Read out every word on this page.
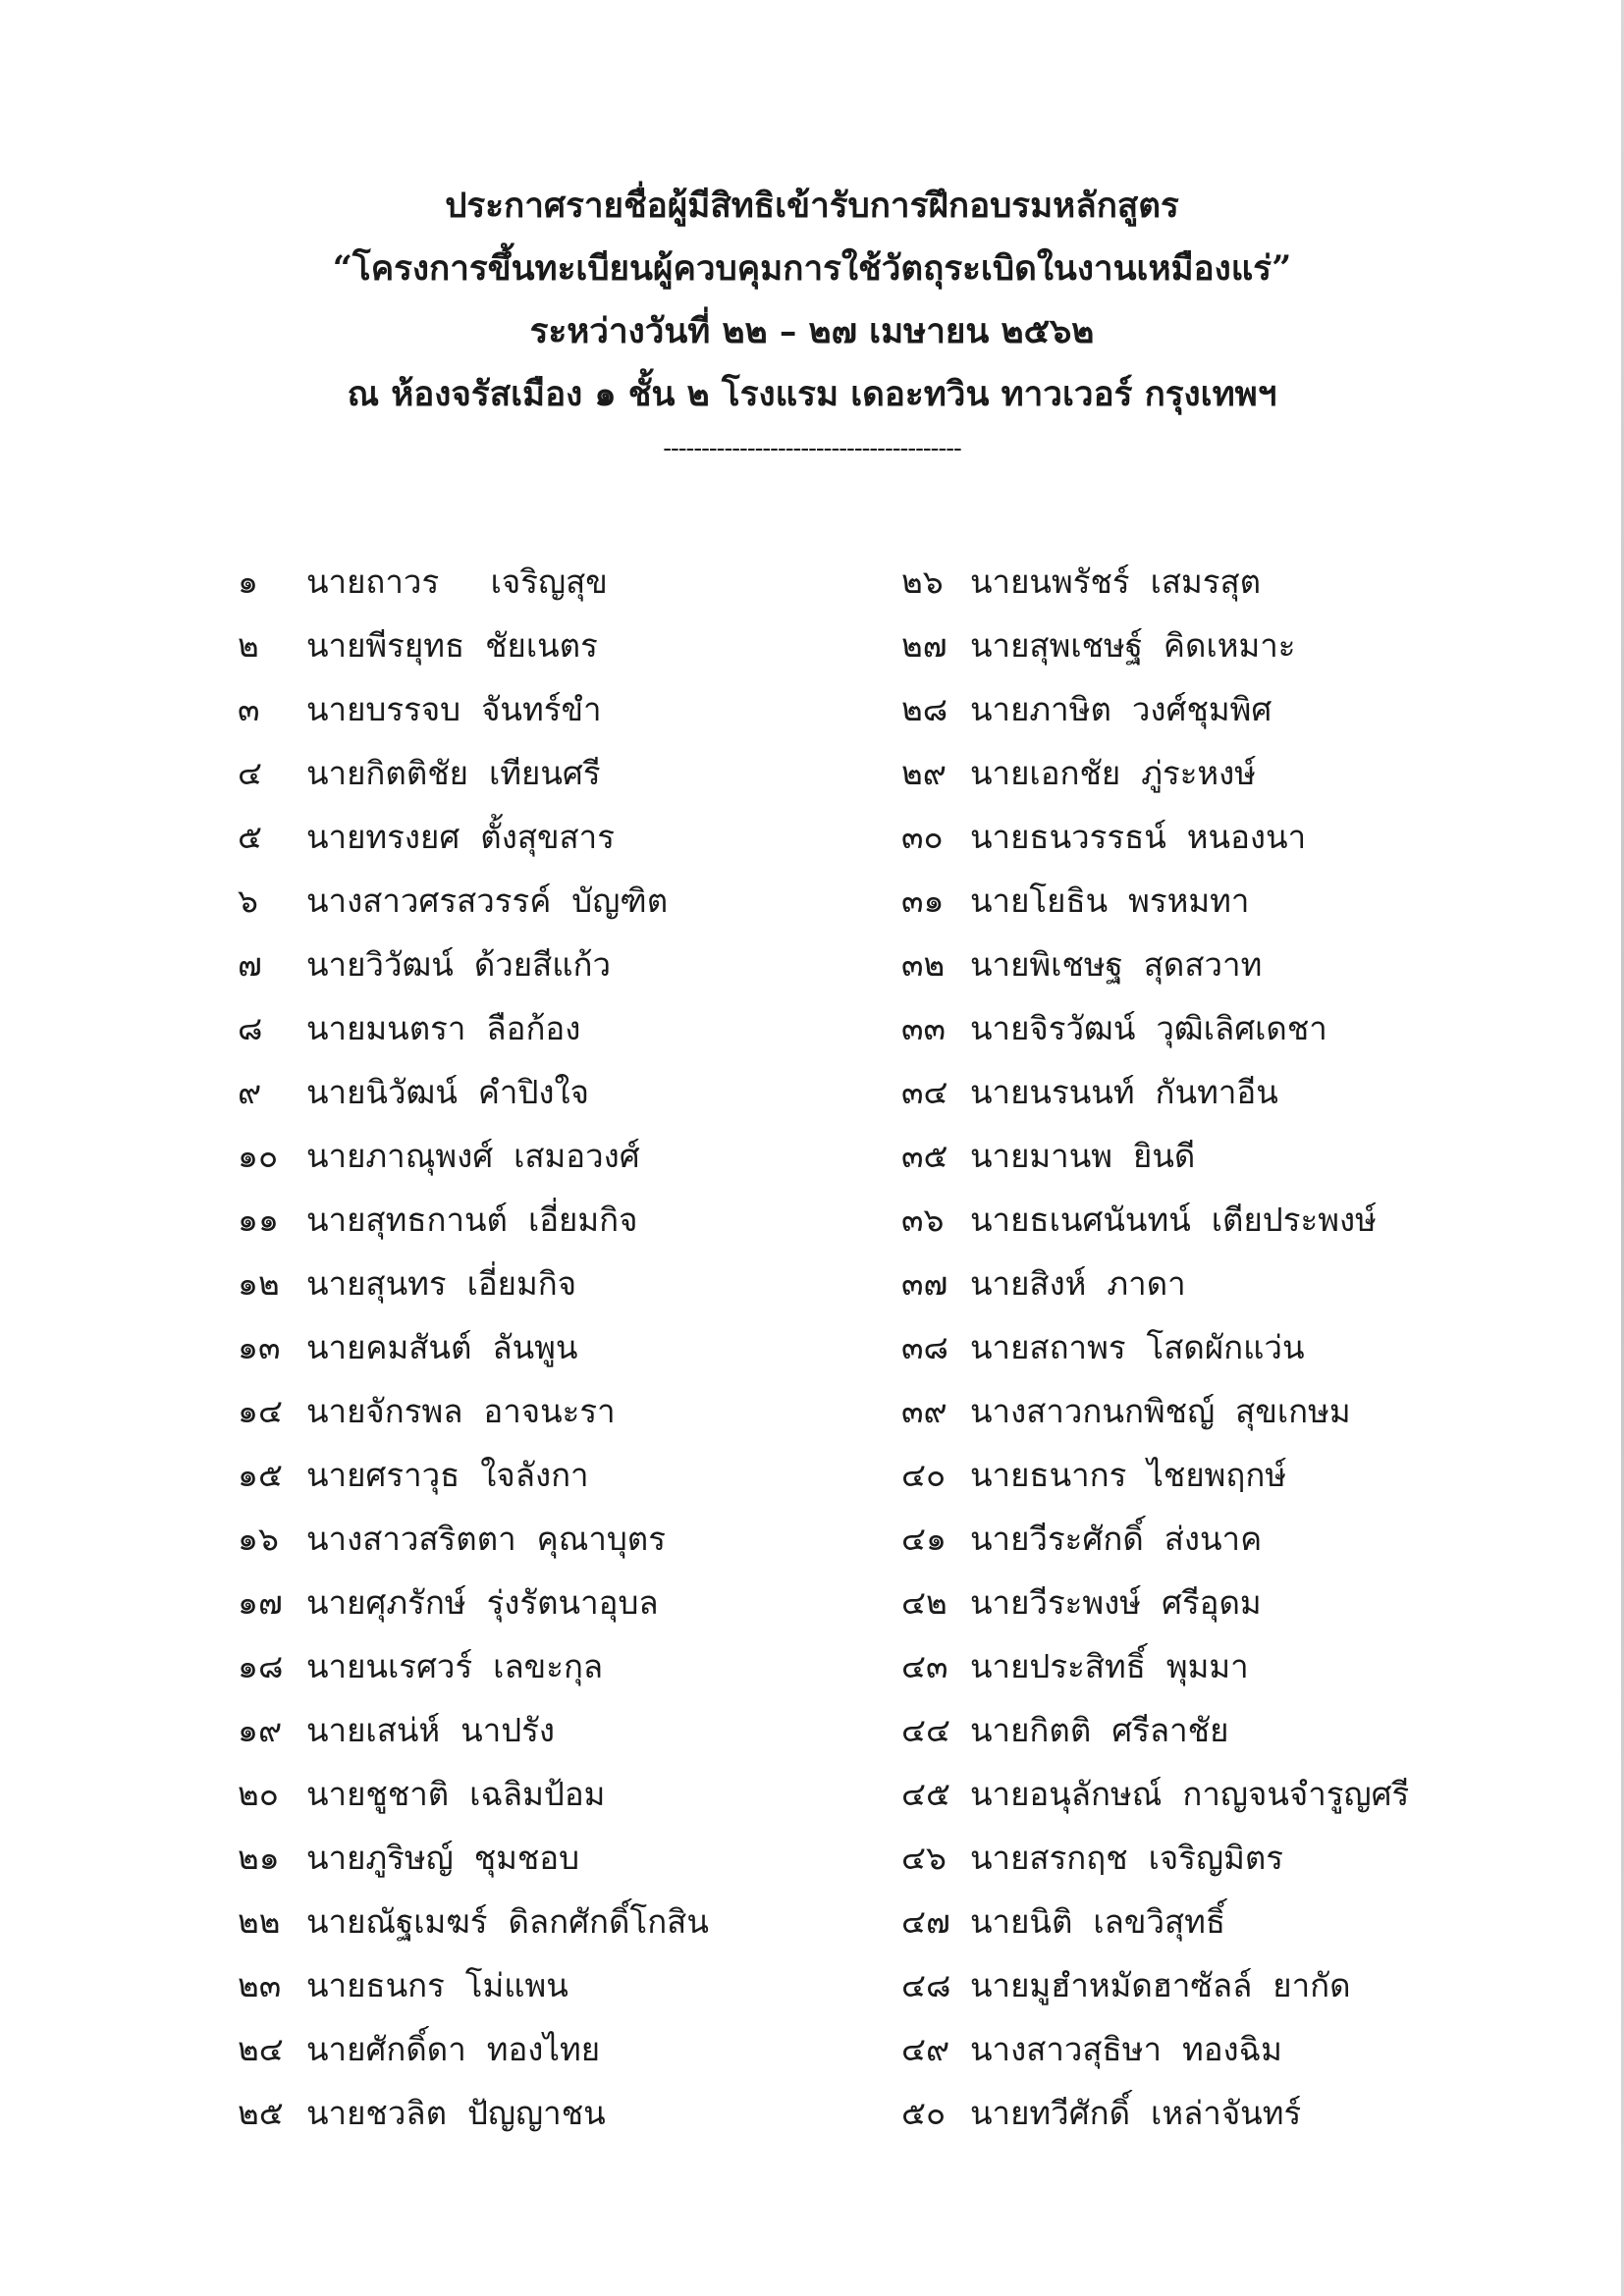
ประกาศรายชื่อผู้มีสิทธิเข้ารับการฝึกอบรมหลักสูตร
“โครงการขึ้นทะเบียนผู้ควบคุมการใช้วัตถุระเบิดในงานเหมืองแร่”
ระหว่างวันที่ ๒๒ – ๒๗ เมษายน ๒๕๖๒
ณ ห้องจรัสเมือง ๑ ชั้น ๒ โรงแรม เดอะทวิน ทาวเวอร์ กรุงเทพฯ
---------------------------------------
๑ นายถาวร     เจริญสุข
๒ นายพีรยุทธ  ชัยเนตร
๓ นายบรรจบ  จันทร์ขำ
๔ นายกิตติชัย  เทียนศรี
๕ นายทรงยศ  ตั้งสุขสาร
๖ นางสาวศรสวรรค์  บัญฑิต
๗ นายวิวัฒน์  ด้วยสีแก้ว
๘ นายมนตรา  ลือก้อง
๙ นายนิวัฒน์  คำปิงใจ
๑๐ นายภาณุพงศ์  เสมอวงศ์
๑๑ นายสุทธกานต์  เอี่ยมกิจ
๑๒ นายสุนทร  เอี่ยมกิจ
๑๓ นายคมสันต์  ลันพูน
๑๔ นายจักรพล  อาจนะรา
๑๕ นายศราวุธ  ใจลังกา
๑๖ นางสาวสริตตา  คุณาบุตร
๑๗ นายศุภรักษ์  รุ่งรัตนาอุบล
๑๘ นายนเรศวร์  เลขะกุล
๑๙ นายเสน่ห์  นาปรัง
๒๐ นายชูชาติ  เฉลิมป้อม
๒๑ นายภูริษญ์  ชุมชอบ
๒๒ นายณัฐเมฆร์  ดิลกศักดิ์โกสิน
๒๓ นายธนกร  โม่แพน
๒๔ นายศักดิ์ดา  ทองไทย
๒๕ นายชวลิต  ปัญญาชน
๒๖ นายนพรัชร์  เสมรสุต
๒๗ นายสุพเชษฐ์  คิดเหมาะ
๒๘ นายภาษิต  วงศ์ชุมพิศ
๒๙ นายเอกชัย  ภู่ระหงษ์
๓๐ นายธนวรรธน์  หนองนา
๓๑ นายโยธิน  พรหมทา
๓๒ นายพิเชษฐ  สุดสวาท
๓๓ นายจิรวัฒน์  วุฒิเลิศเดชา
๓๔ นายนรนนท์  กันทาอีน
๓๕ นายมานพ  ยินดี
๓๖ นายธเนศนันทน์  เตียประพงษ์
๓๗ นายสิงห์  ภาดา
๓๘ นายสถาพร  โสดผักแว่น
๓๙ นางสาวกนกพิชญ์  สุขเกษม
๔๐ นายธนากร  ไชยพฤกษ์
๔๑ นายวีระศักดิ์  ส่งนาค
๔๒ นายวีระพงษ์  ศรีอุดม
๔๓ นายประสิทธิ์  พุมมา
๔๔ นายกิตติ  ศรีลาชัย
๔๕ นายอนุลักษณ์  กาญจนจำรูญศรี
๔๖ นายสรกฤช  เจริญมิตร
๔๗ นายนิติ  เลขวิสุทธิ์
๔๘ นายมูฮำหมัดฮาซัลล์  ยากัด
๔๙ นางสาวสุธิษา  ทองฉิม
๕๐ นายทวีศักดิ์  เหล่าจันทร์
